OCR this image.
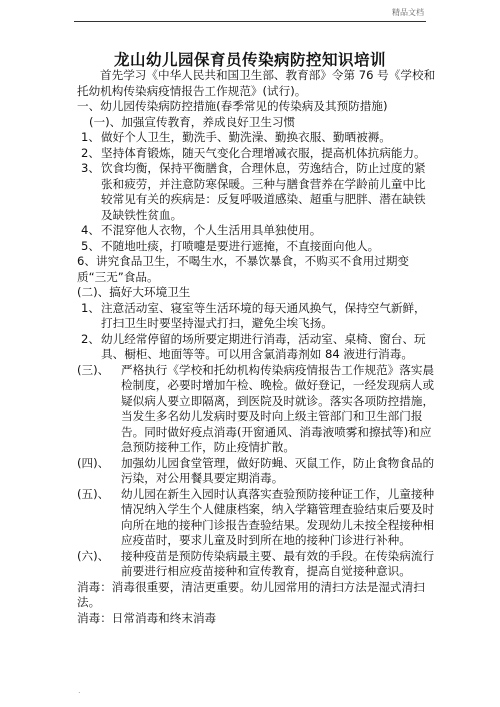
精品文档
龙山幼儿园保育员传染病防控知识培训

首先学习《中华人民共和国卫生部、教育部》令第 76 号《学校和托幼机构传染病疫情报告工作规范》(试行)。

一、幼儿园传染病防控措施(春季常见的传染病及其预防措施)

(一)、加强宣传教育，养成良好卫生习惯

1、做好个人卫生，勤洗手、勤洗澡、勤换衣服、勤晒被褥。

2、坚持体育锻炼，随天气变化合理增减衣服，提高机体抗病能力。

3、饮食均衡，保持平衡膳食，合理休息，劳逸结合，防止过度的紧张和疲劳，并注意防寒保暖。三种与膳食营养在学龄前儿童中比较常见有关的疾病是：反复呼吸道感染、超重与肥胖、潜在缺铁及缺铁性贫血。

4、不混穿他人衣物，个人生活用具单独使用。

5、不随地吐痰，打喷嚏是要进行遮掩，不直接面向他人。

6、讲究食品卫生，不喝生水，不暴饮暴食，不购买不食用过期变质“三无”食品。

(二)、搞好大环境卫生

1、注意活动室、寝室等生活环境的每天通风换气，保持空气新鲜，打扫卫生时要坚持湿式打扫，避免尘埃飞扬。

2、幼儿经常停留的场所要定期进行消毒，活动室、桌椅、窗台、玩具、橱柜、地面等等。可以用含氯消毒剂如 84 液进行消毒。

(三)、 严格执行《学校和托幼机构传染病疫情报告工作规范》落实晨检制度，必要时增加午检、晚检。做好登记，一经发现病人或疑似病人要立即隔离，到医院及时就诊。落实各项防控措施，当发生多名幼儿发病时要及时向上级主管部门和卫生部门报告。同时做好疫点消毒(开窗通风、消毒液喷雾和擦拭等)和应急预防接种工作，防止疫情扩散。

(四)、 加强幼儿园食堂管理，做好防蝇、灭鼠工作，防止食物食品的污染，对公用餐具要定期消毒。

(五)、 幼儿园在新生入园时认真落实查验预防接种证工作，儿童接种情况纳入学生个人健康档案，纳入学籍管理查验结束后要及时向所在地的接种门诊报告查验结果。发现幼儿未按全程接种相应疫苗时，要求儿童及时到所在地的接种门诊进行补种。

(六)、 接种疫苗是预防传染病最主要、最有效的手段。在传染病流行前要进行相应疫苗接种和宣传教育，提高自觉接种意识。

消毒：消毒很重要，清洁更重要。幼儿园常用的清扫方法是湿式清扫法。

消毒：日常消毒和终末消毒

.
